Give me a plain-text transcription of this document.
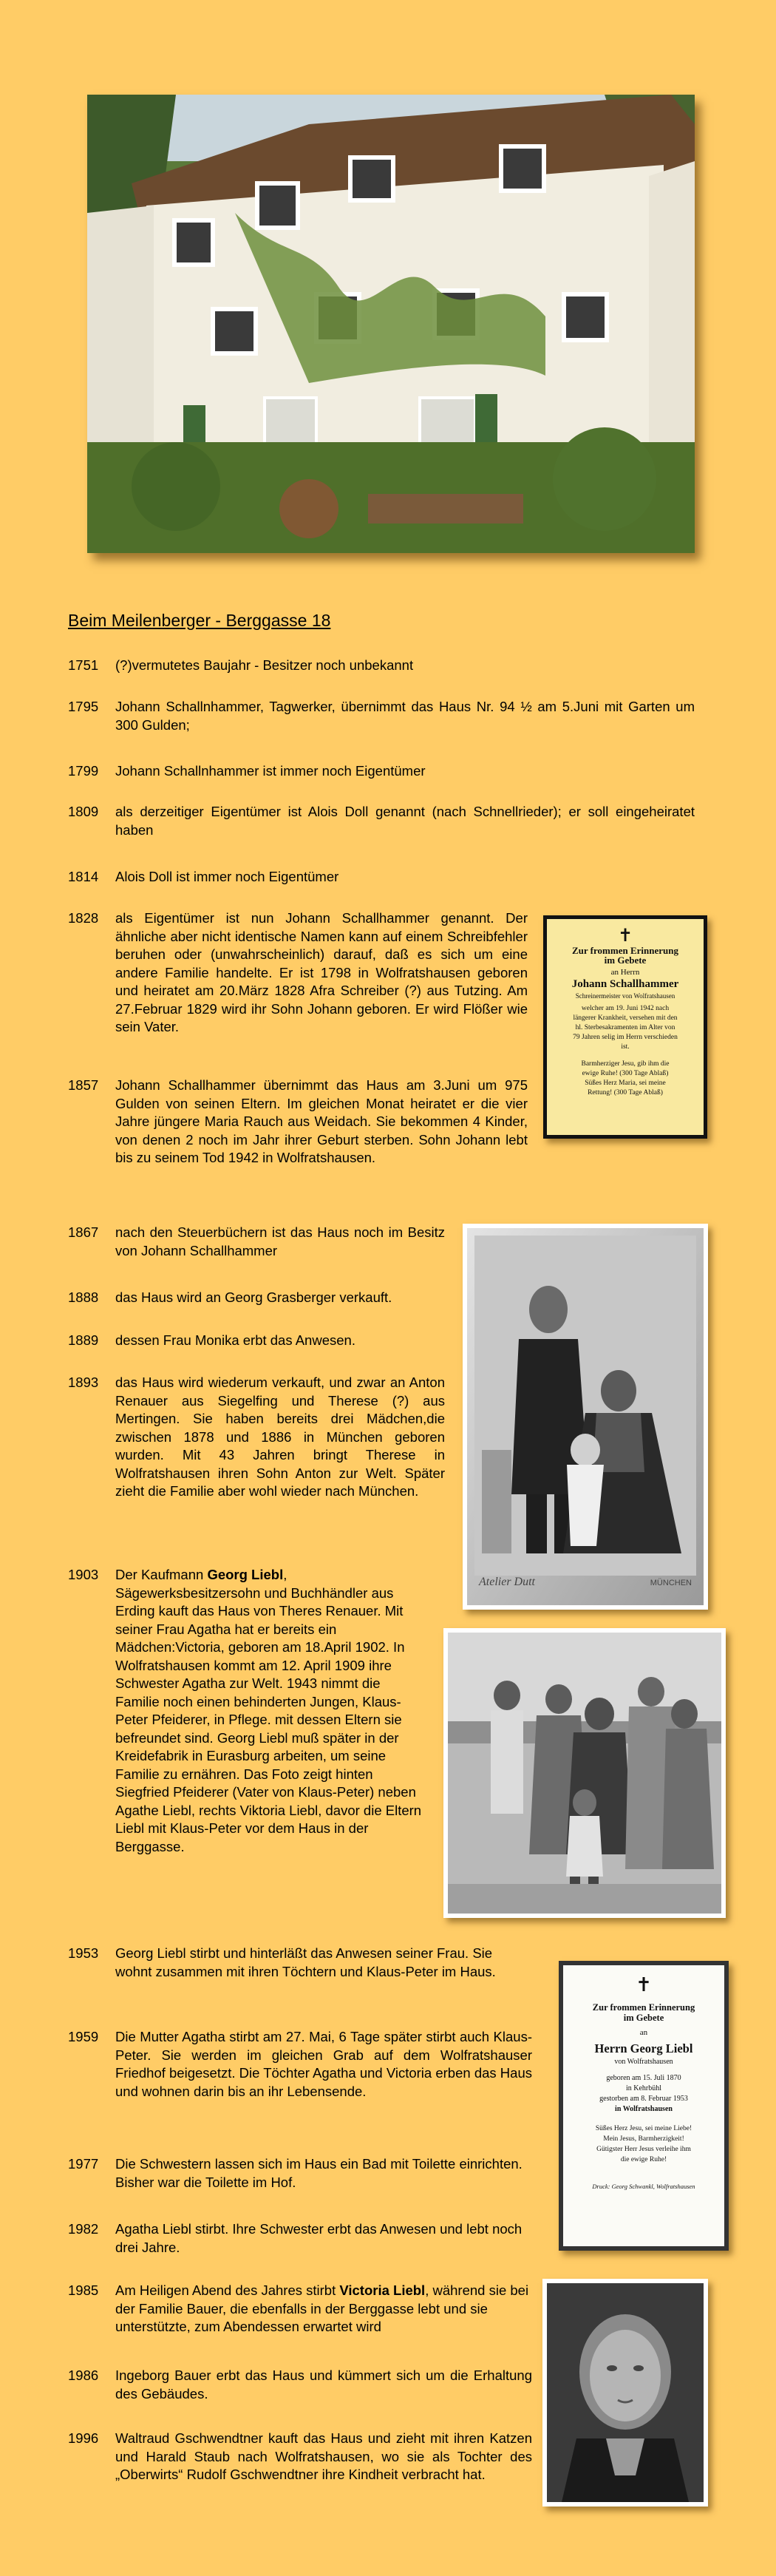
Beim Meilenberger - Berggasse 18
1751	(?)vermutetes Baujahr - Besitzer noch unbekannt
1795	Johann Schallnhammer, Tagwerker, übernimmt das Haus Nr. 94 ½ am 5.Juni mit Garten um 300 Gulden;
1799	Johann Schallnhammer ist immer noch Eigentümer
1809	als derzeitiger Eigentümer ist Alois Doll genannt (nach Schnellrieder); er soll eingeheiratet haben
1814	Alois Doll ist immer noch Eigentümer
1828	als Eigentümer ist nun Johann Schallhammer genannt. Der ähnliche aber nicht identische Namen kann auf einem Schreibfehler beruhen oder (unwahrscheinlich) darauf, daß es sich um eine andere Familie handelte. Er ist 1798 in Wolfratshausen geboren und heiratet am 20.März 1828 Afra Schreiber (?) aus Tutzing. Am 27.Februar 1829 wird ihr Sohn Johann geboren. Er wird Flößer wie sein Vater.
1857	Johann Schallhammer übernimmt das Haus am 3.Juni um 975 Gulden von seinen Eltern. Im gleichen Monat heiratet er die vier Jahre jüngere Maria Rauch aus Weidach. Sie bekommen 4 Kinder, von denen 2 noch im Jahr ihrer Geburt sterben. Sohn Johann lebt bis zu seinem Tod 1942 in Wolfratshausen.
1867	nach den Steuerbüchern ist das Haus noch im Besitz von Johann Schallhammer
1888	das Haus wird an Georg Grasberger verkauft.
1889	dessen Frau Monika erbt das Anwesen.
1893	das Haus wird wiederum verkauft, und zwar an Anton Renauer aus Siegelfing und Therese (?) aus Mertingen. Sie haben bereits drei Mädchen,die zwischen 1878 und 1886 in München geboren wurden. Mit 43 Jahren bringt Therese in Wolfratshausen ihren Sohn Anton zur Welt. Später zieht die Familie aber wohl wieder nach München.
1903	Der Kaufmann Georg Liebl, Sägewerksbesitzersohn und Buchhändler aus Erding kauft das Haus von Theres Renauer. Mit seiner Frau Agatha hat er bereits ein Mädchen:Victoria, geboren am 18.April 1902. In Wolfratshausen kommt am 12. April 1909 ihre Schwester Agatha zur Welt. 1943 nimmt die Familie noch einen behinderten Jungen, Klaus-Peter Pfeiderer, in Pflege. mit dessen Eltern sie befreundet sind. Georg Liebl muß später in der Kreidefabrik in Eurasburg arbeiten, um seine Familie zu ernähren. Das Foto zeigt hinten Siegfried Pfeiderer (Vater von Klaus-Peter) neben Agathe Liebl, rechts Viktoria Liebl, davor die Eltern Liebl mit Klaus-Peter vor dem Haus in der Berggasse.
1953	Georg Liebl stirbt und hinterläßt das Anwesen seiner Frau. Sie wohnt zusammen mit ihren Töchtern und Klaus-Peter im Haus.
1959	Die Mutter Agatha stirbt am 27. Mai, 6 Tage später stirbt auch Klaus-Peter. Sie werden im gleichen Grab auf dem Wolfratshauser Friedhof beigesetzt. Die Töchter Agatha und Victoria erben das Haus und wohnen darin bis an ihr Lebensende.
1977	Die Schwestern lassen sich im Haus ein Bad mit Toilette einrichten. Bisher war die Toilette im Hof.
1982	Agatha Liebl stirbt. Ihre Schwester erbt das Anwesen und lebt noch drei Jahre.
1985	Am Heiligen Abend des Jahres stirbt Victoria Liebl, während sie bei der Familie Bauer, die ebenfalls in der Berggasse lebt und sie unterstützte, zum Abendessen erwartet wird
1986	Ingeborg Bauer erbt das Haus und kümmert sich um die Erhaltung des Gebäudes.
1996	Waltraud Gschwendtner kauft das Haus und zieht mit ihren Katzen und Harald Staub nach Wolfratshausen, wo sie als Tochter des „Oberwirts“ Rudolf Gschwendtner ihre Kindheit verbracht hat.
✝
Zur frommen Erinnerung
im Gebete
an Herrn
Johann Schallhammer
Schreinermeister von Wolfratshausen
welcher am 19. Juni 1942 nach
längerer Krankheit, versehen mit den
hl. Sterbesakramenten im Alter von
79 Jahren selig im Herrn verschieden
ist.
Barmherziger Jesu, gib ihm die
ewige Ruhe! (300 Tage Ablaß)
Süßes Herz Maria, sei meine
Rettung! (300 Tage Ablaß)
Atelier Dutt	MÜNCHEN
✝
Zur frommen Erinnerung
im Gebete
an
Herrn Georg Liebl
von Wolfratshausen
geboren am 15. Juli 1870
in Kehrbühl
gestorben am 8. Februar 1953
in Wolfratshausen
Süßes Herz Jesu, sei meine Liebe!
Mein Jesus, Barmherzigkeit!
Gütigster Herr Jesus verleihe ihm
die ewige Ruhe!
Druck: Georg Schwankl, Wolfratshausen
